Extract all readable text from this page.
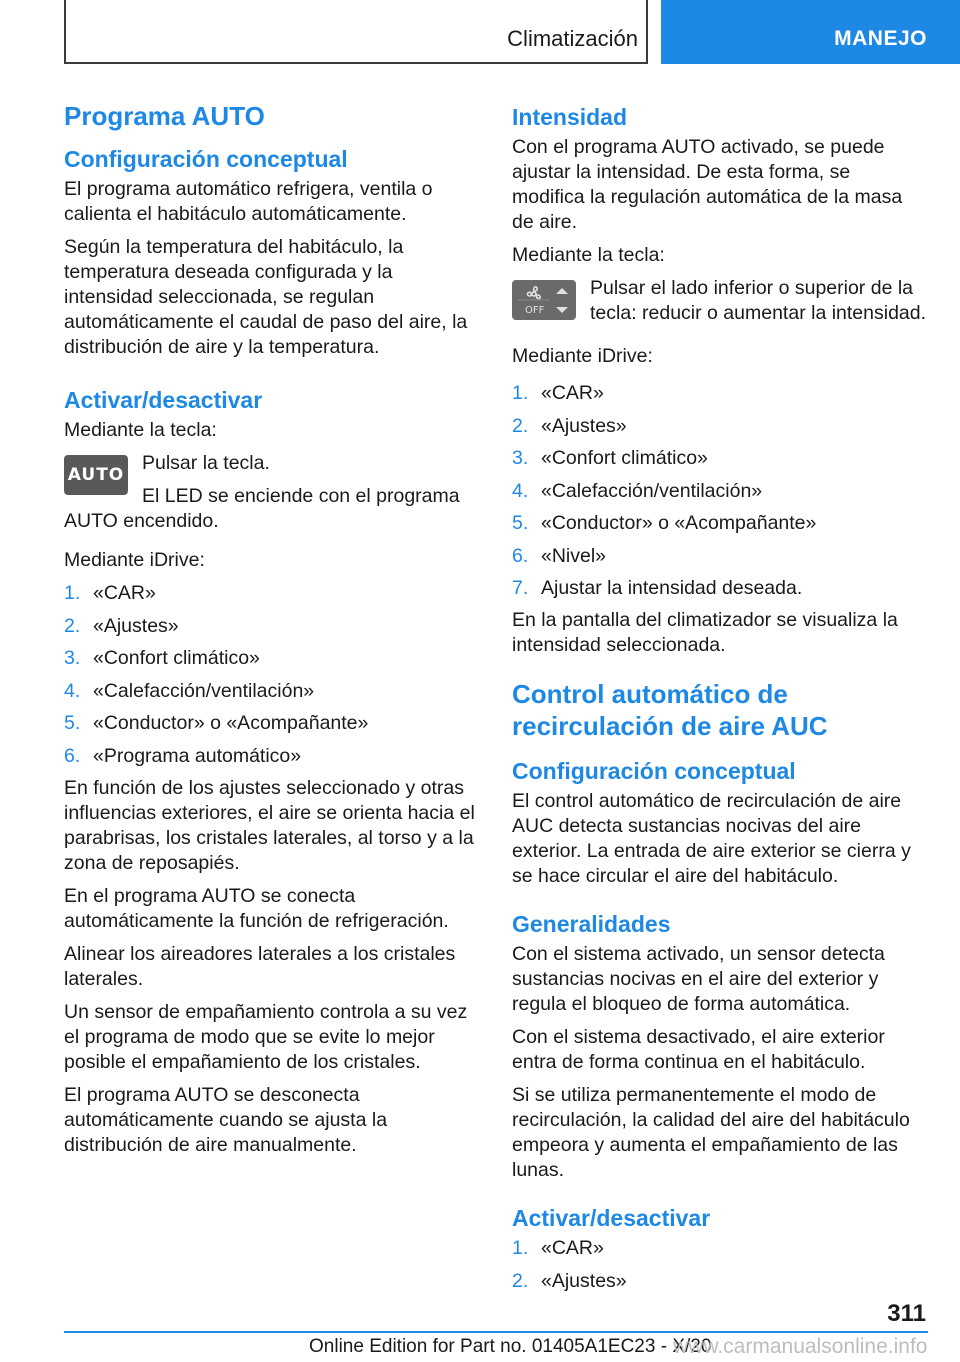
Climatización	MANEJO
Programa AUTO
Configuración conceptual

El programa automático refrigera, ventila o calienta el habitáculo automáticamente.

Según la temperatura del habitáculo, la temperatura deseada configurada y la intensidad seleccionada, se regulan automáticamente el caudal de paso del aire, la distribución de aire y la temperatura.

Activar/desactivar

Mediante la tecla:

AUTO

Pulsar la tecla.

El LED se enciende con el programa

AUTO encendido.

Mediante iDrive:

1. «CAR»
2. «Ajustes»
3. «Confort climático»
4. «Calefacción/ventilación»
5. «Conductor» o «Acompañante»
6. «Programa automático»

En función de los ajustes seleccionado y otras influencias exteriores, el aire se orienta hacia el parabrisas, los cristales laterales, al torso y a la zona de reposapiés.

En el programa AUTO se conecta automáticamente la función de refrigeración.

Alinear los aireadores laterales a los cristales laterales.

Un sensor de empañamiento controla a su vez el programa de modo que se evite lo mejor posible el empañamiento de los cristales.

El programa AUTO se desconecta automáticamente cuando se ajusta la distribución de aire manualmente.

Intensidad

Con el programa AUTO activado, se puede ajustar la intensidad. De esta forma, se modifica la regulación automática de la masa de aire.

Mediante la tecla:

OFF

Pulsar el lado inferior o superior de la tecla: reducir o aumentar la intensidad.

Mediante iDrive:

1. «CAR»
2. «Ajustes»
3. «Confort climático»
4. «Calefacción/ventilación»
5. «Conductor» o «Acompañante»
6. «Nivel»
7. Ajustar la intensidad deseada.

En la pantalla del climatizador se visualiza la intensidad seleccionada.

Control automático de recirculación de aire AUC
Configuración conceptual

El control automático de recirculación de aire AUC detecta sustancias nocivas del aire exterior. La entrada de aire exterior se cierra y se hace circular el aire del habitáculo.

Generalidades

Con el sistema activado, un sensor detecta sustancias nocivas en el aire del exterior y regula el bloqueo de forma automática.

Con el sistema desactivado, el aire exterior entra de forma continua en el habitáculo.

Si se utiliza permanentemente el modo de recirculación, la calidad del aire del habitáculo empeora y aumenta el empañamiento de las lunas.

Activar/desactivar
1. «CAR»
2. «Ajustes»
311
Online Edition for Part no. 01405A1EC23 - X/20
www.carmanualsonline.info
